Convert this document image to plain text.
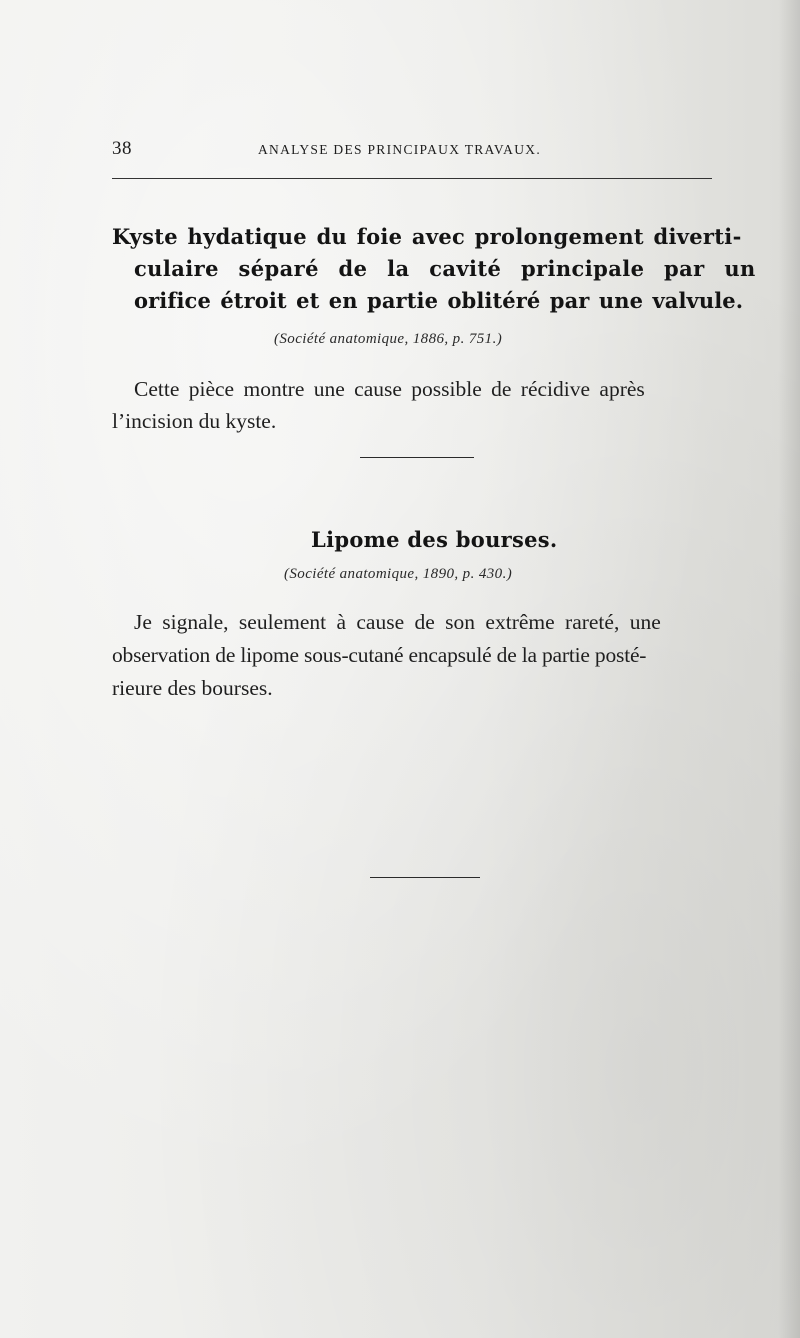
38	ANALYSE DES PRINCIPAUX TRAVAUX.
Kyste hydatique du foie avec prolongement diverti-
culaire séparé de la cavité principale par un
orifice étroit et en partie oblitéré par une valvule.
(Société anatomique, 1886, p. 751.)
Cette pièce montre une cause possible de récidive après
l’incision du kyste.
Lipome des bourses.
(Société anatomique, 1890, p. 430.)
Je signale, seulement à cause de son extrême rareté, une
observation de lipome sous-cutané encapsulé de la partie posté-
rieure des bourses.
